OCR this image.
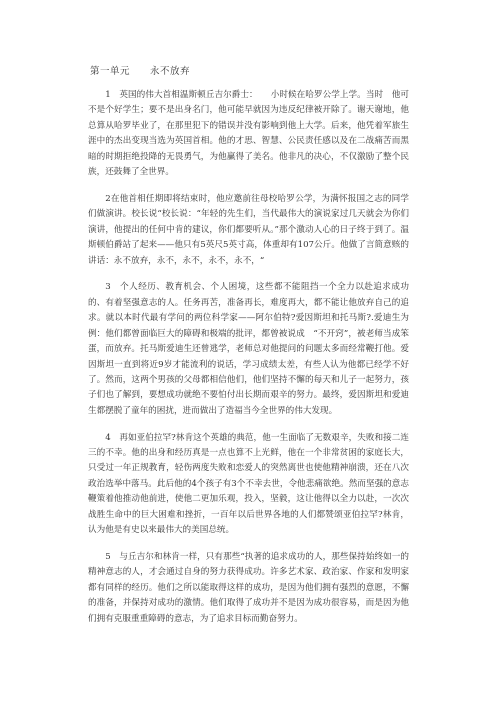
第一单元　　永不放弃

1　英国的伟大首相温斯顿丘吉尔爵士：　　小时候在哈罗公学上学。当时　他可不是个好学生；要不是出身名门，他可能早就因为违反纪律被开除了。谢天谢地，他总算从哈罗毕业了，在那里犯下的错误并没有影响到他上大学。后来，他凭着军旅生涯中的杰出变现当选为英国首相。他的才思、智慧、公民责任感以及在二战痛苦而黑暗的时期拒绝投降的无畏勇气，为他赢得了美名。他非凡的决心，不仅激励了整个民族，还鼓舞了全世界。

2在他首相任期即将结束时，他应邀前往母校哈罗公学，为满怀报国之志的同学们做演讲。校长说“校长说：“年轻的先生们，当代最伟大的演说家过几天就会为你们演讲，他提出的任何中肯的建议，你们都要听从。”那个激动人心的日子终于到了。温斯顿伯爵站了起来——他只有5英尺5英寸高，体重却有107公斤。他做了言简意赅的讲话：永不放弃，永不，永不，永不，永不，“

3　个人经历、教育机会、个人困境，这些都不能阻挡一个全力以赴追求成功的、有着坚强意志的人。任务再苦，准备再长，难度再大，都不能让他放弃自己的追求。就以本时代最有学问的两位科学家——阿尔伯特?爱因斯坦和托马斯?.爱迪生为例：他们都曾面临巨大的障碍和极端的批评，都曾被说成　“不开窍”，被老师当成笨蛋，而放弃。托马斯爱迪生还曾逃学，老师总对他提问的问题太多而经常鞭打他。爱因斯坦一直到将近9岁才能流利的说话，学习成绩太差，有些人认为他都已经学不好了。然而，这两个男孩的父母都相信他们，他们坚持不懈的每天和儿子一起努力，孩子们也了解到，要想成功就绝不要怕付出长期而艰辛的努力。最终，爱因斯坦和爱迪生都摆脱了童年的困扰，进而做出了造福当今全世界的伟大发现。

4　再如亚伯拉罕?林肯这个英雄的典范，他一生面临了无数艰辛，失败和接二连三的不幸。他的出身和经历真是一点也算不上光鲜，他在一个非常贫困的家庭长大，只受过一年正规教育，轻伤两度失败和恋爱人的突然离世也使他精神崩溃，还在八次政治选举中落马。此后他的4个孩子有3个不幸去世，令他悲痛欲绝。然而坚强的意志鞭策着他推动他前进，使他二更加乐观，投入，坚毅，这让他得以全力以赴，一次次战胜生命中的巨大困难和挫折，一百年以后世界各地的人们都赞颂亚伯拉罕?林肯，认为他是有史以来最伟大的美国总统。

5　与丘吉尔和林肯一样，只有那些“执著的追求成功的人，那些保持始终如一的精神意志的人，才会通过自身的努力获得成功。许多艺术家、政治家、作家和发明家都有同样的经历。他们之所以能取得这样的成功，是因为他们拥有强烈的意愿，不懈的准备，并保持对成功的激情。他们取得了成功并不是因为成功很容易，而是因为他们拥有克服重重障碍的意志，为了追求目标而勤奋努力。
